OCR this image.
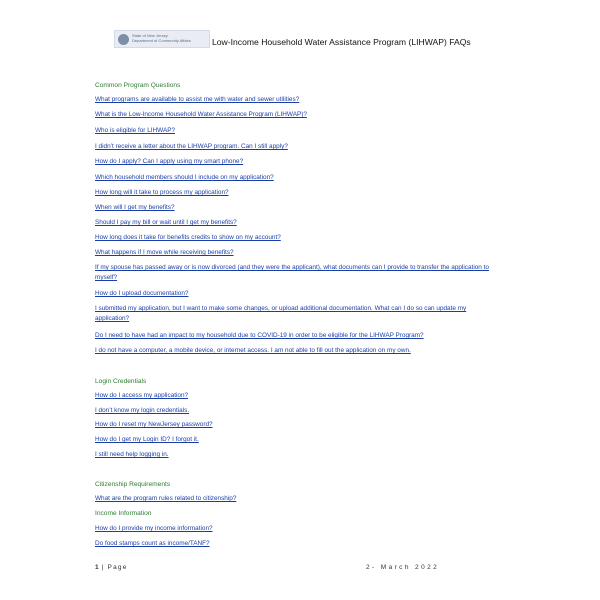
State of New Jersey
Department of Community Affairs	Low-Income Household Water Assistance Program (LIHWAP) FAQs
Common Program Questions
What programs are available to assist me with water and sewer utilities?
What is the Low-Income Household Water Assistance Program (LIHWAP)?
Who is eligible for LIHWAP?
I didn’t receive a letter about the LIHWAP program. Can I still apply?
How do I apply? Can I apply using my smart phone?
Which household members should I include on my application?
How long will it take to process my application?
When will I get my benefits?
Should I pay my bill or wait until I get my benefits?
How long does it take for benefits credits to show on my account?
What happens if I move while receiving benefits?
If my spouse has passed away or is now divorced (and they were the applicant), what documents can I provide to transfer the application to myself?
How do I upload documentation?
I submitted my application, but I want to make some changes, or upload additional documentation. What can I do so can update my application?
Do I need to have had an impact to my household due to COVID-19 in order to be eligible for the LIHWAP Program?
I do not have a computer, a mobile device, or internet access. I am not able to fill out the application on my own.
Login Credentials
How do I access my application?
I don’t know my login credentials.
How do I reset my NewJersey password?
How do I get my Login ID? I forgot it.
I still need help logging in.
Citizenship Requirements
What are the program rules related to citizenship?
Income Information
How do I provide my income information?
Do food stamps count as income/TANF?
1 | Page	2- March 2022
